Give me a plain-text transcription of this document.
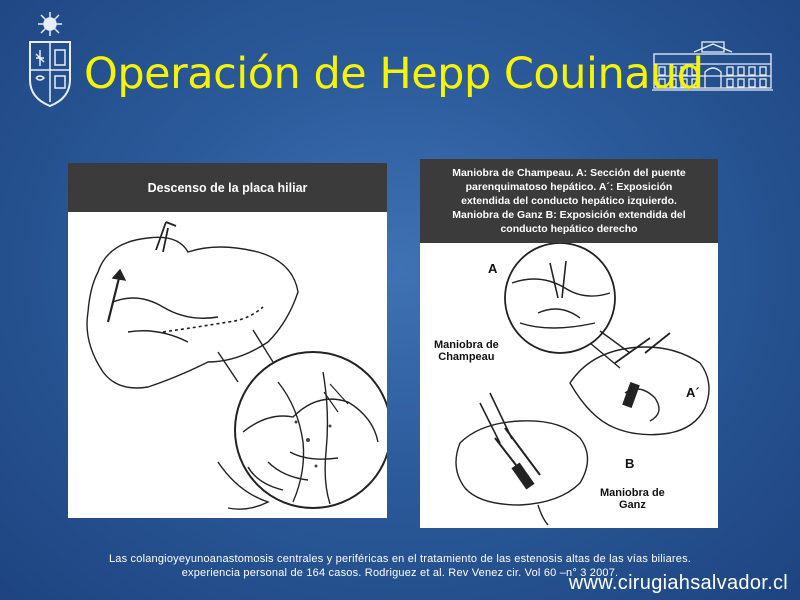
Operación de Hepp Couinaud
Descenso de la placa hiliar
Maniobra de Champeau. A: Sección del puente
parenquimatoso hepático. A´: Exposición
extendida del conducto hepático izquierdo.
Maniobra de Ganz B: Exposición extendida del
conducto hepático derecho
A
A´
B
Maniobra de
Champeau
Maniobra de
Ganz
Las colangioyeyunoanastomosis centrales y periféricas en el tratamiento de las estenosis altas de las vías biliares.
experiencia personal de 164 casos. Rodriguez et al. Rev Venez cir. Vol 60 –n° 3 2007.
www.cirugiahsalvador.cl
